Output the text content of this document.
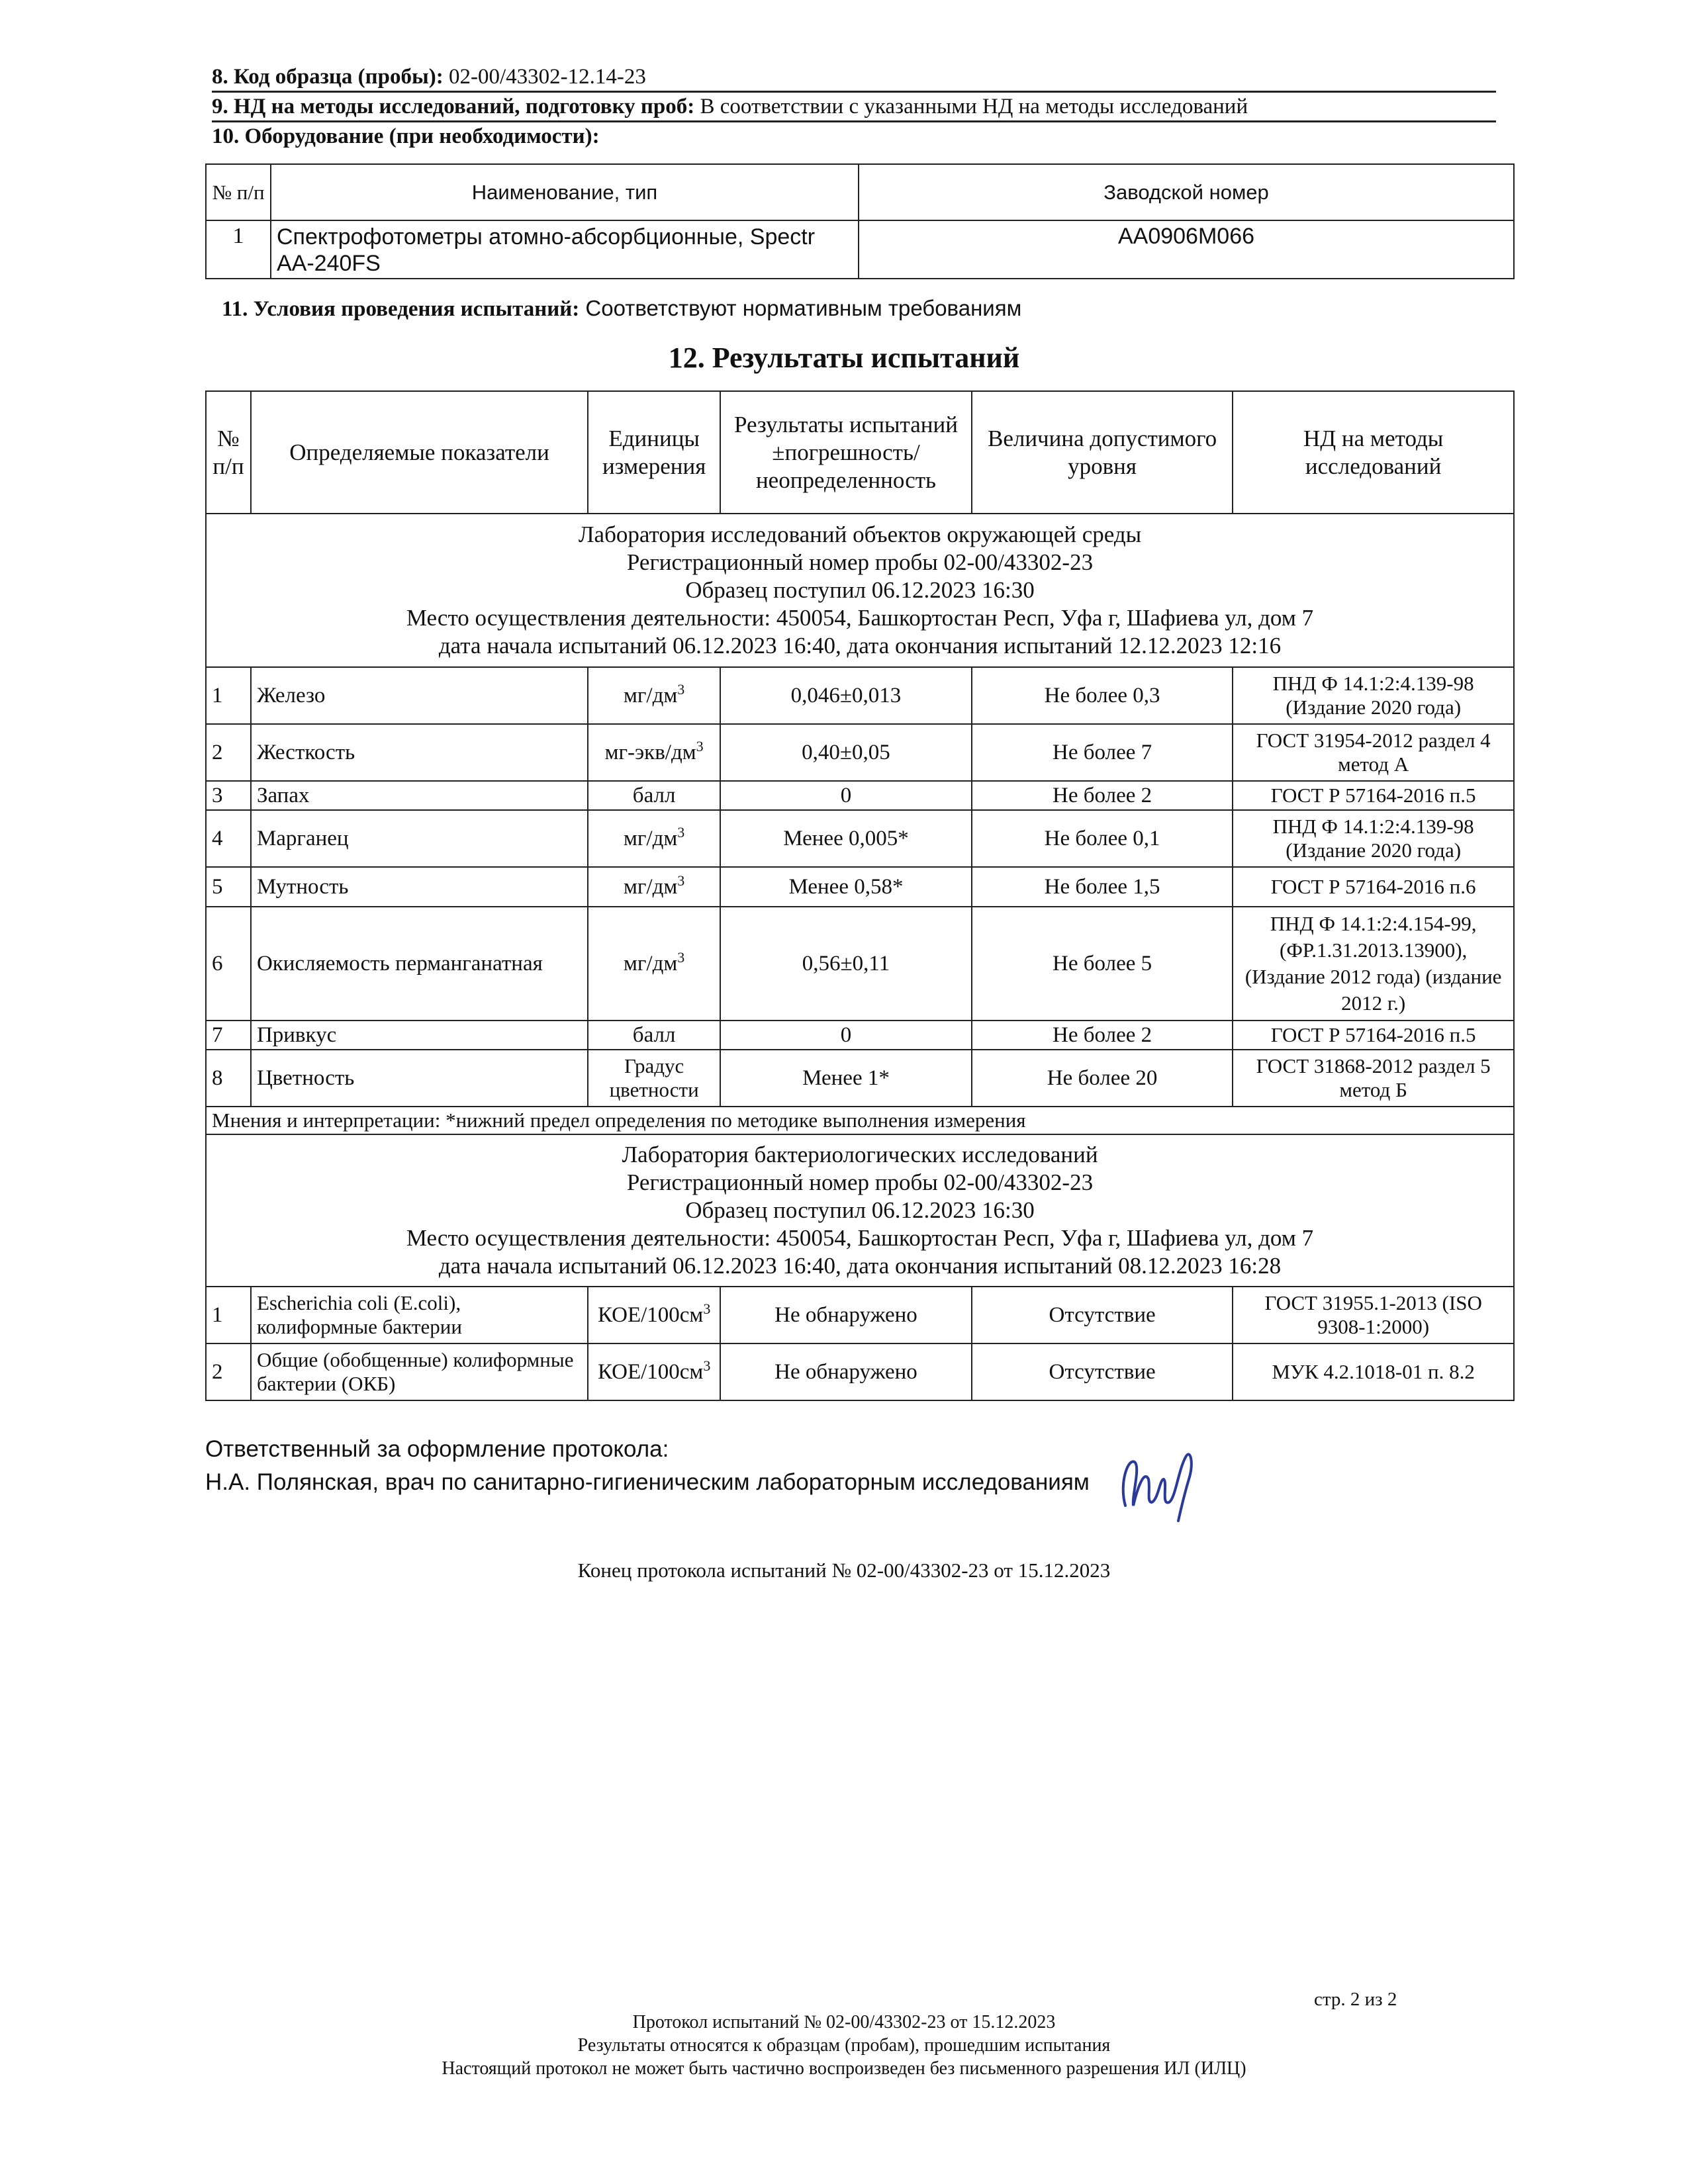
8. Код образца (пробы): 02-00/43302-12.14-23
9. НД на методы исследований, подготовку проб: В соответствии с указанными НД на методы исследований
10. Оборудование (при необходимости):
№ п/п	Наименование, тип	Заводской номер
1	Спектрофотометры атомно-абсорбционные, Spectr AA-240FS	AA0906M066
11. Условия проведения испытаний: Соответствуют нормативным требованиям
12. Результаты испытаний
№ п/п	Определяемые показатели	Единицы измерения	Результаты испытаний ±погрешность/ неопределенность	Величина допустимого уровня	НД на методы исследований

Лаборатория исследований объектов окружающей среды
Регистрационный номер пробы 02-00/43302-23
Образец поступил 06.12.2023 16:30
Место осуществления деятельности: 450054, Башкортостан Респ, Уфа г, Шафиева ул, дом 7
дата начала испытаний 06.12.2023 16:40, дата окончания испытаний 12.12.2023 12:16					

1	Железо	$мг/дм^3$	0,046±0,013	Не более 0,3	ПНД Ф 14.1:2:4.139-98 (Издание 2020 года)
2	Жесткость	$мг-экв/дм^3$	0,40±0,05	Не более 7	ГОСТ 31954-2012 раздел 4 метод А
3	Запах	балл	0	Не более 2	ГОСТ Р 57164-2016 п.5
4	Марганец	$мг/дм^3$	Менее 0,005*	Не более 0,1	ПНД Ф 14.1:2:4.139-98 (Издание 2020 года)
5	Мутность	$мг/дм^3$	Менее 0,58*	Не более 1,5	ГОСТ Р 57164-2016 п.6
6	Окисляемость перманганатная	$мг/дм^3$	0,56±0,11	Не более 5	ПНД Ф 14.1:2:4.154-99, (ФР.1.31.2013.13900), (Издание 2012 года) (издание 2012 г.)
7	Привкус	балл	0	Не более 2	ГОСТ Р 57164-2016 п.5
8	Цветность	Градус цветности	Менее 1*	Не более 20	ГОСТ 31868-2012 раздел 5 метод Б
Мнения и интерпретации: *нижний предел определения по методике выполнения измерения					

Лаборатория бактериологических исследований
Регистрационный номер пробы 02-00/43302-23
Образец поступил 06.12.2023 16:30
Место осуществления деятельности: 450054, Башкортостан Респ, Уфа г, Шафиева ул, дом 7
дата начала испытаний 06.12.2023 16:40, дата окончания испытаний 08.12.2023 16:28					

1	Escherichia coli (E.coli), колиформные бактерии	КОЕ/$100см^3$	Не обнаружено	Отсутствие	ГОСТ 31955.1-2013 (ISO 9308-1:2000)
2	Общие (обобщенные) колиформные бактерии (ОКБ)	КОЕ/$100см^3$	Не обнаружено	Отсутствие	МУК 4.2.1018-01 п. 8.2
Ответственный за оформление протокола:
Н.А. Полянская, врач по санитарно-гигиеническим лабораторным исследованиям
Конец протокола испытаний № 02-00/43302-23 от 15.12.2023
стр. 2 из 2
Протокол испытаний № 02-00/43302-23 от 15.12.2023
Результаты относятся к образцам (пробам), прошедшим испытания
Настоящий протокол не может быть частично воспроизведен без письменного разрешения ИЛ (ИЛЦ)
